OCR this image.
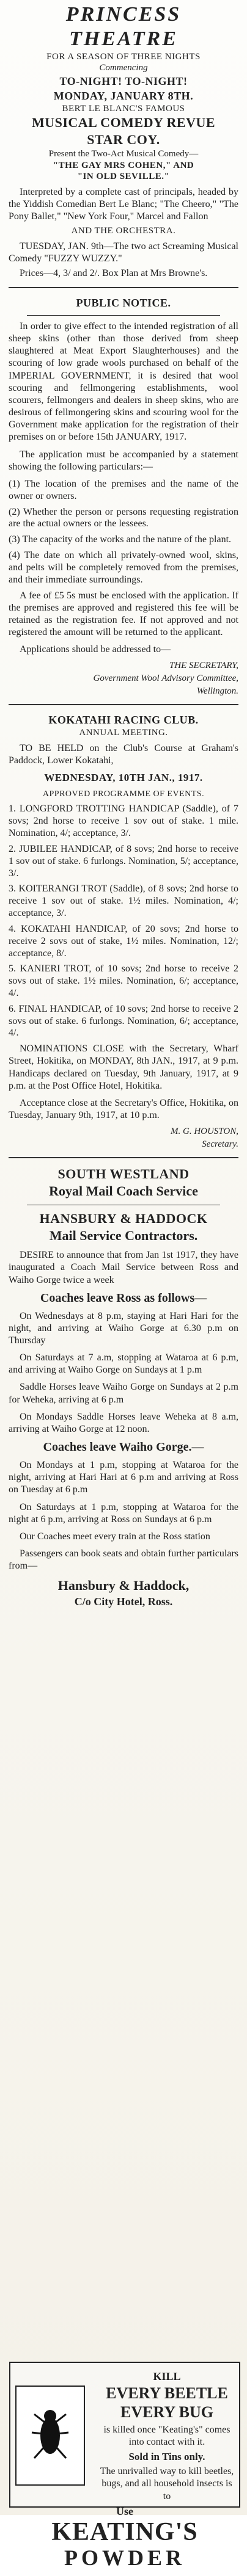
PRINCESS THEATRE
FOR A SEASON OF THREE NIGHTS
Commencing
TO-NIGHT! TO-NIGHT!
MONDAY, JANUARY 8TH.
BERT LE BLANC'S FAMOUS
MUSICAL COMEDY REVUE
STAR COY.
Present the Two-Act Musical Comedy—
"THE GAY MRS COHEN," AND
"IN OLD SEVILLE."

Interpreted by a complete cast of principals, headed by the Yiddish Comedian Bert Le Blanc; "The Cheero," "The Pony Ballet," "New York Four," Marcel and Fallon

AND THE ORCHESTRA.

TUESDAY, JAN. 9th—The two act Screaming Musical Comedy "FUZZY WUZZY."

Prices—4, 3/ and 2/. Box Plan at Mrs Browne's.

PUBLIC NOTICE.

In order to give effect to the intended registration of all sheep skins (other than those derived from sheep slaughtered at Meat Export Slaughterhouses) and the scouring of low grade wools purchased on behalf of the IMPERIAL GOVERNMENT, it is desired that wool scouring and fellmongering establishments, wool scourers, fellmongers and dealers in sheep skins, who are desirous of fellmongering skins and scouring wool for the Government make application for the registration of their premises on or before 15th JANUARY, 1917.

The application must be accompanied by a statement showing the following particulars:—

(1) The location of the premises and the name of the owner or owners.
(2) Whether the person or persons requesting registration are the actual owners or the lessees.
(3) The capacity of the works and the nature of the plant.
(4) The date on which all privately-owned wool, skins, and pelts will be completely removed from the premises, and their immediate surroundings.

A fee of £5 5s must be enclosed with the application. If the premises are approved and registered this fee will be retained as the registration fee. If not approved and not registered the amount will be returned to the applicant.

Applications should be addressed to—

THE SECRETARY,
Government Wool Advisory Committee,
Wellington.
KOKATAHI RACING CLUB.
ANNUAL MEETING.

TO BE HELD on the Club's Course at Graham's Paddock, Lower Kokatahi,

WEDNESDAY, 10TH JAN., 1917.
APPROVED PROGRAMME OF EVENTS.

1. LONGFORD TROTTING HANDICAP (Saddle), of 7 sovs; 2nd horse to receive 1 sov out of stake. 1 mile. Nomination, 4/; acceptance, 3/.

2. JUBILEE HANDICAP, of 8 sovs; 2nd horse to receive 1 sov out of stake. 6 furlongs. Nomination, 5/; acceptance, 3/.

3. KOITERANGI TROT (Saddle), of 8 sovs; 2nd horse to receive 1 sov out of stake. 1½ miles. Nomination, 4/; acceptance, 3/.

4. KOKATAHI HANDICAP, of 20 sovs; 2nd horse to receive 2 sovs out of stake, 1½ miles. Nomination, 12/; acceptance, 8/.

5. KANIERI TROT, of 10 sovs; 2nd horse to receive 2 sovs out of stake. 1½ miles. Nomination, 6/; acceptance, 4/.

6. FINAL HANDICAP, of 10 sovs; 2nd horse to receive 2 sovs out of stake. 6 furlongs. Nomination, 6/; acceptance, 4/.

NOMINATIONS CLOSE with the Secretary, Wharf Street, Hokitika, on MONDAY, 8th JAN., 1917, at 9 p.m. Handicaps declared on Tuesday, 9th January, 1917, at 9 p.m. at the Post Office Hotel, Hokitika.

Acceptance close at the Secretary's Office, Hokitika, on Tuesday, January 9th, 1917, at 10 p.m.

M. G. HOUSTON,
Secretary.
SOUTH WESTLAND
Royal Mail Coach Service
HANSBURY & HADDOCK
Mail Service Contractors.

DESIRE to announce that from Jan 1st 1917, they have inaugurated a Coach Mail Service between Ross and Waiho Gorge twice a week

Coaches leave Ross as follows—

On Wednesdays at 8 p.m, staying at Hari Hari for the night, and arriving at Waiho Gorge at 6.30 p.m on Thursday

On Saturdays at 7 a.m, stopping at Wataroa at 6 p.m, and arriving at Waiho Gorge on Sundays at 1 p.m

Saddle Horses leave Waiho Gorge on Sundays at 2 p.m for Weheka, arriving at 6 p.m

On Mondays Saddle Horses leave Weheka at 8 a.m, arriving at Waiho Gorge at 12 noon.

Coaches leave Waiho Gorge.—

On Mondays at 1 p.m, stopping at Wataroa for the night, arriving at Hari Hari at 6 p.m and arriving at Ross on Tuesday at 6 p.m

On Saturdays at 1 p.m, stopping at Wataroa for the night at 6 p.m, arriving at Ross on Sundays at 6 p.m

Our Coaches meet every train at the Ross station

Passengers can book seats and obtain further particulars from—

Hansbury & Haddock,
C/o City Hotel, Ross.
KILL
EVERY BEETLE
EVERY BUG
is killed once "Keating's" comes into contact with it.
Sold in Tins only.
The unrivalled way to kill beetles, bugs, and all household insects is to
Use
KEATING'S
POWDER
